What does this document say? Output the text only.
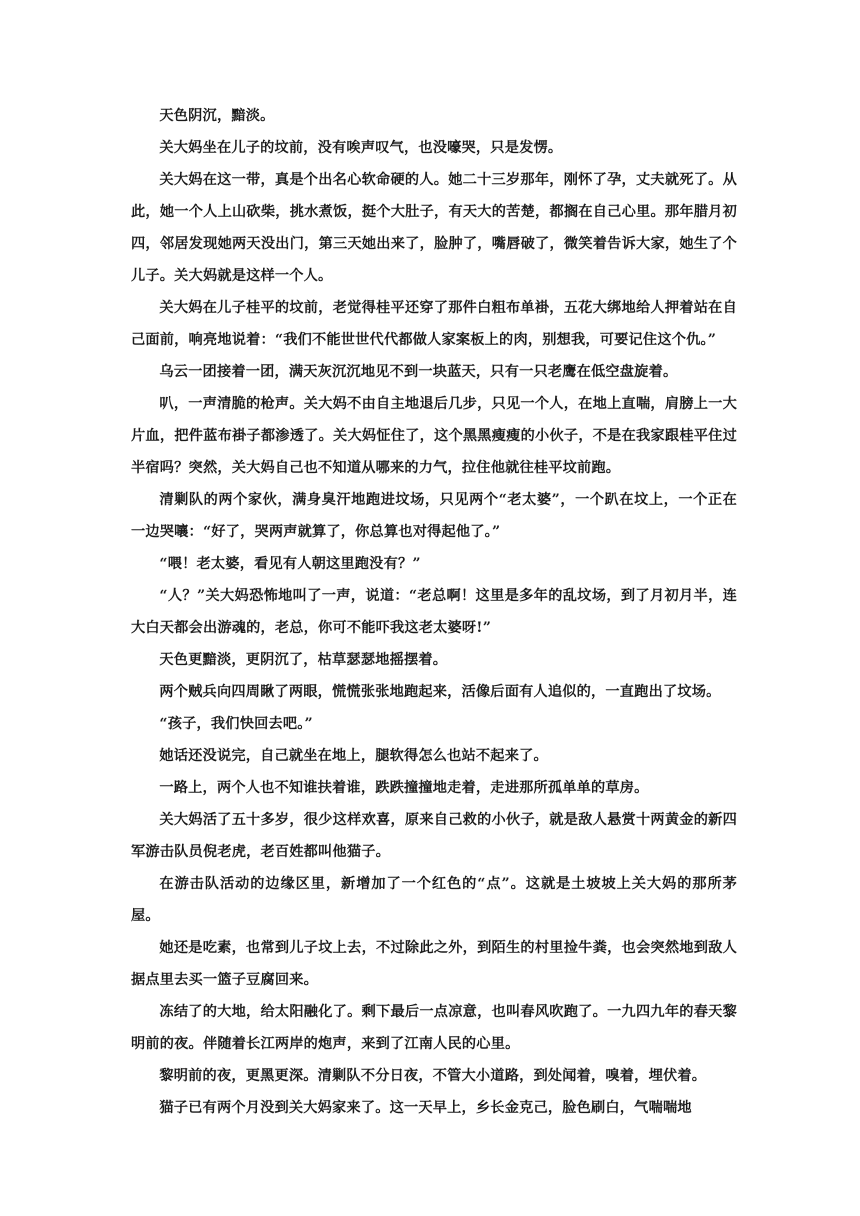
天色阴沉，黯淡。

关大妈坐在儿子的坟前，没有唉声叹气，也没嚎哭，只是发愣。

关大妈在这一带，真是个出名心软命硬的人。她二十三岁那年，刚怀了孕，丈夫就死了。从此，她一个人上山砍柴，挑水煮饭，挺个大肚子，有天大的苦楚，都搁在自己心里。那年腊月初四，邻居发现她两天没出门，第三天她出来了，脸肿了，嘴唇破了，微笑着告诉大家，她生了个儿子。关大妈就是这样一个人。

关大妈在儿子桂平的坟前，老觉得桂平还穿了那件白粗布单褂，五花大绑地给人押着站在自己面前，响亮地说着：“我们不能世世代代都做人家案板上的肉，别想我，可要记住这个仇。”

乌云一团接着一团，满天灰沉沉地见不到一块蓝天，只有一只老鹰在低空盘旋着。

叭，一声清脆的枪声。关大妈不由自主地退后几步，只见一个人，在地上直喘，肩膀上一大片血，把件蓝布褂子都渗透了。关大妈怔住了，这个黑黑瘦瘦的小伙子，不是在我家跟桂平住过半宿吗？突然，关大妈自己也不知道从哪来的力气，拉住他就往桂平坟前跑。

清剿队的两个家伙，满身臭汗地跑进坟场，只见两个“老太婆”，一个趴在坟上，一个正在一边哭嚷：“好了，哭两声就算了，你总算也对得起他了。”

“喂！老太婆，看见有人朝这里跑没有？”

“人？”关大妈恐怖地叫了一声，说道：“老总啊！这里是多年的乱坟场，到了月初月半，连大白天都会出游魂的，老总，你可不能吓我这老太婆呀!”

天色更黯淡，更阴沉了，枯草瑟瑟地摇摆着。

两个贼兵向四周瞅了两眼，慌慌张张地跑起来，活像后面有人追似的，一直跑出了坟场。

“孩子，我们快回去吧。”

她话还没说完，自己就坐在地上，腿软得怎么也站不起来了。

一路上，两个人也不知谁扶着谁，跌跌撞撞地走着，走进那所孤单单的草房。

关大妈活了五十多岁，很少这样欢喜，原来自己救的小伙子，就是敌人悬赏十两黄金的新四军游击队员倪老虎，老百姓都叫他猫子。

在游击队活动的边缘区里，新增加了一个红色的“点”。这就是土坡坡上关大妈的那所茅屋。

她还是吃素，也常到儿子坟上去，不过除此之外，到陌生的村里捡牛粪，也会突然地到敌人据点里去买一篮子豆腐回来。

冻结了的大地，给太阳融化了。剩下最后一点凉意，也叫春风吹跑了。一九四九年的春天黎明前的夜。伴随着长江两岸的炮声，来到了江南人民的心里。

黎明前的夜，更黑更深。清剿队不分日夜，不管大小道路，到处闻着，嗅着，埋伏着。

猫子已有两个月没到关大妈家来了。这一天早上，乡长金克己，脸色刷白，气喘喘地
